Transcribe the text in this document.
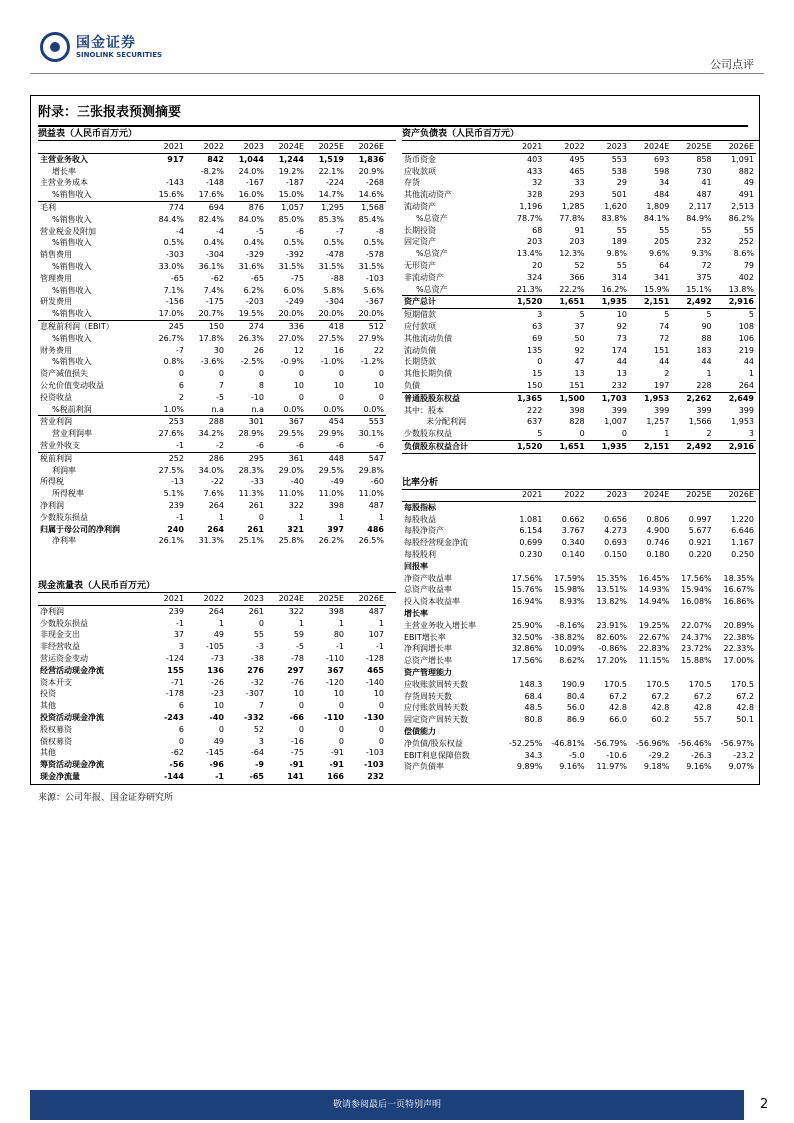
国金证券
SINOLINK SECURITIES
公司点评
附录：三张报表预测摘要
损益表（人民币百万元）
	2021	2022	2023	2024E	2025E	2026E
主营业务收入	917	842	1,044	1,244	1,519	1,836
增长率		-8.2%	24.0%	19.2%	22.1%	20.9%
主营业务成本	-143	-148	-167	-187	-224	-268
%销售收入	15.6%	17.6%	16.0%	15.0%	14.7%	14.6%
毛利	774	694	876	1,057	1,295	1,568
%销售收入	84.4%	82.4%	84.0%	85.0%	85.3%	85.4%
营业税金及附加	-4	-4	-5	-6	-7	-8
%销售收入	0.5%	0.4%	0.4%	0.5%	0.5%	0.5%
销售费用	-303	-304	-329	-392	-478	-578
%销售收入	33.0%	36.1%	31.6%	31.5%	31.5%	31.5%
管理费用	-65	-62	-65	-75	-88	-103
%销售收入	7.1%	7.4%	6.2%	6.0%	5.8%	5.6%
研发费用	-156	-175	-203	-249	-304	-367
%销售收入	17.0%	20.7%	19.5%	20.0%	20.0%	20.0%
息税前利润（EBIT）	245	150	274	336	418	512
%销售收入	26.7%	17.8%	26.3%	27.0%	27.5%	27.9%
财务费用	-7	30	26	12	16	22
%销售收入	0.8%	-3.6%	-2.5%	-0.9%	-1.0%	-1.2%
资产减值损失	0	0	0	0	0	0
公允价值变动收益	6	7	8	10	10	10
投资收益	2	-5	-10	0	0	0
%税前利润	1.0%	n.a	n.a	0.0%	0.0%	0.0%
营业利润	253	288	301	367	454	553
营业利润率	27.6%	34.2%	28.9%	29.5%	29.9%	30.1%
营业外收支	-1	-2	-6	-6	-6	-6
税前利润	252	286	295	361	448	547
利润率	27.5%	34.0%	28.3%	29.0%	29.5%	29.8%
所得税	-13	-22	-33	-40	-49	-60
所得税率	5.1%	7.6%	11.3%	11.0%	11.0%	11.0%
净利润	239	264	261	322	398	487
少数股东损益	-1	1	0	1	1	1
归属于母公司的净利润	240	264	261	321	397	486
净利率	26.1%	31.3%	25.1%	25.8%	26.2%	26.5%
现金流量表（人民币百万元）
	2021	2022	2023	2024E	2025E	2026E
净利润	239	264	261	322	398	487
少数股东损益	-1	1	0	1	1	1
非现金支出	37	49	55	59	80	107
非经营收益	3	-105	-3	-5	-1	-1
营运资金变动	-124	-73	-38	-78	-110	-128
经营活动现金净流	155	136	276	297	367	465
资本开支	-71	-26	-32	-76	-120	-140
投资	-178	-23	-307	10	10	10
其他	6	10	7	0	0	0
投资活动现金净流	-243	-40	-332	-66	-110	-130
股权募资	6	0	52	0	0	0
债权募资	0	49	3	-16	0	0
其他	-62	-145	-64	-75	-91	-103
筹资活动现金净流	-56	-96	-9	-91	-91	-103
现金净流量	-144	-1	-65	141	166	232
资产负债表（人民币百万元）
	2021	2022	2023	2024E	2025E	2026E
货币资金	403	495	553	693	858	1,091
应收款项	433	465	538	598	730	882
存货	32	33	29	34	41	49
其他流动资产	328	293	501	484	487	491
流动资产	1,196	1,285	1,620	1,809	2,117	2,513
%总资产	78.7%	77.8%	83.8%	84.1%	84.9%	86.2%
长期投资	68	91	55	55	55	55
固定资产	203	203	189	205	232	252
%总资产	13.4%	12.3%	9.8%	9.6%	9.3%	8.6%
无形资产	20	52	55	64	72	79
非流动资产	324	366	314	341	375	402
%总资产	21.3%	22.2%	16.2%	15.9%	15.1%	13.8%
资产总计	1,520	1,651	1,935	2,151	2,492	2,916
短期借款	3	5	10	5	5	5
应付款项	63	37	92	74	90	108
其他流动负债	69	50	73	72	88	106
流动负债	135	92	174	151	183	219
长期贷款	0	47	44	44	44	44
其他长期负债	15	13	13	2	1	1
负债	150	151	232	197	228	264
普通股股东权益	1,365	1,500	1,703	1,953	2,262	2,649
其中：股本	222	398	399	399	399	399
未分配利润	637	828	1,007	1,257	1,566	1,953
少数股东权益	5	0	0	1	2	3
负债股东权益合计	1,520	1,651	1,935	2,151	2,492	2,916
比率分析
	2021	2022	2023	2024E	2025E	2026E
每股指标						
每股收益	1.081	0.662	0.656	0.806	0.997	1.220
每股净资产	6.154	3.767	4.273	4.900	5.677	6.646
每股经营现金净流	0.699	0.340	0.693	0.746	0.921	1.167
每股股利	0.230	0.140	0.150	0.180	0.220	0.250
回报率						
净资产收益率	17.56%	17.59%	15.35%	16.45%	17.56%	18.35%
总资产收益率	15.76%	15.98%	13.51%	14.93%	15.94%	16.67%
投入资本收益率	16.94%	8.93%	13.82%	14.94%	16.08%	16.86%
增长率						
主营业务收入增长率	25.90%	-8.16%	23.91%	19.25%	22.07%	20.89%
EBIT增长率	32.50%	-38.82%	82.60%	22.67%	24.37%	22.38%
净利润增长率	32.86%	10.09%	-0.86%	22.83%	23.72%	22.33%
总资产增长率	17.56%	8.62%	17.20%	11.15%	15.88%	17.00%
资产管理能力						
应收账款周转天数	148.3	190.9	170.5	170.5	170.5	170.5
存货周转天数	68.4	80.4	67.2	67.2	67.2	67.2
应付账款周转天数	48.5	56.0	42.8	42.8	42.8	42.8
固定资产周转天数	80.8	86.9	66.0	60.2	55.7	50.1
偿债能力						
净负债/股东权益	-52.25%	-46.81%	-56.79%	-56.96%	-56.46%	-56.97%
EBIT利息保障倍数	34.3	-5.0	-10.6	-29.2	-26.3	-23.2
资产负债率	9.89%	9.16%	11.97%	9.18%	9.16%	9.07%
来源：公司年报、国金证券研究所
敬请参阅最后一页特别声明	2
